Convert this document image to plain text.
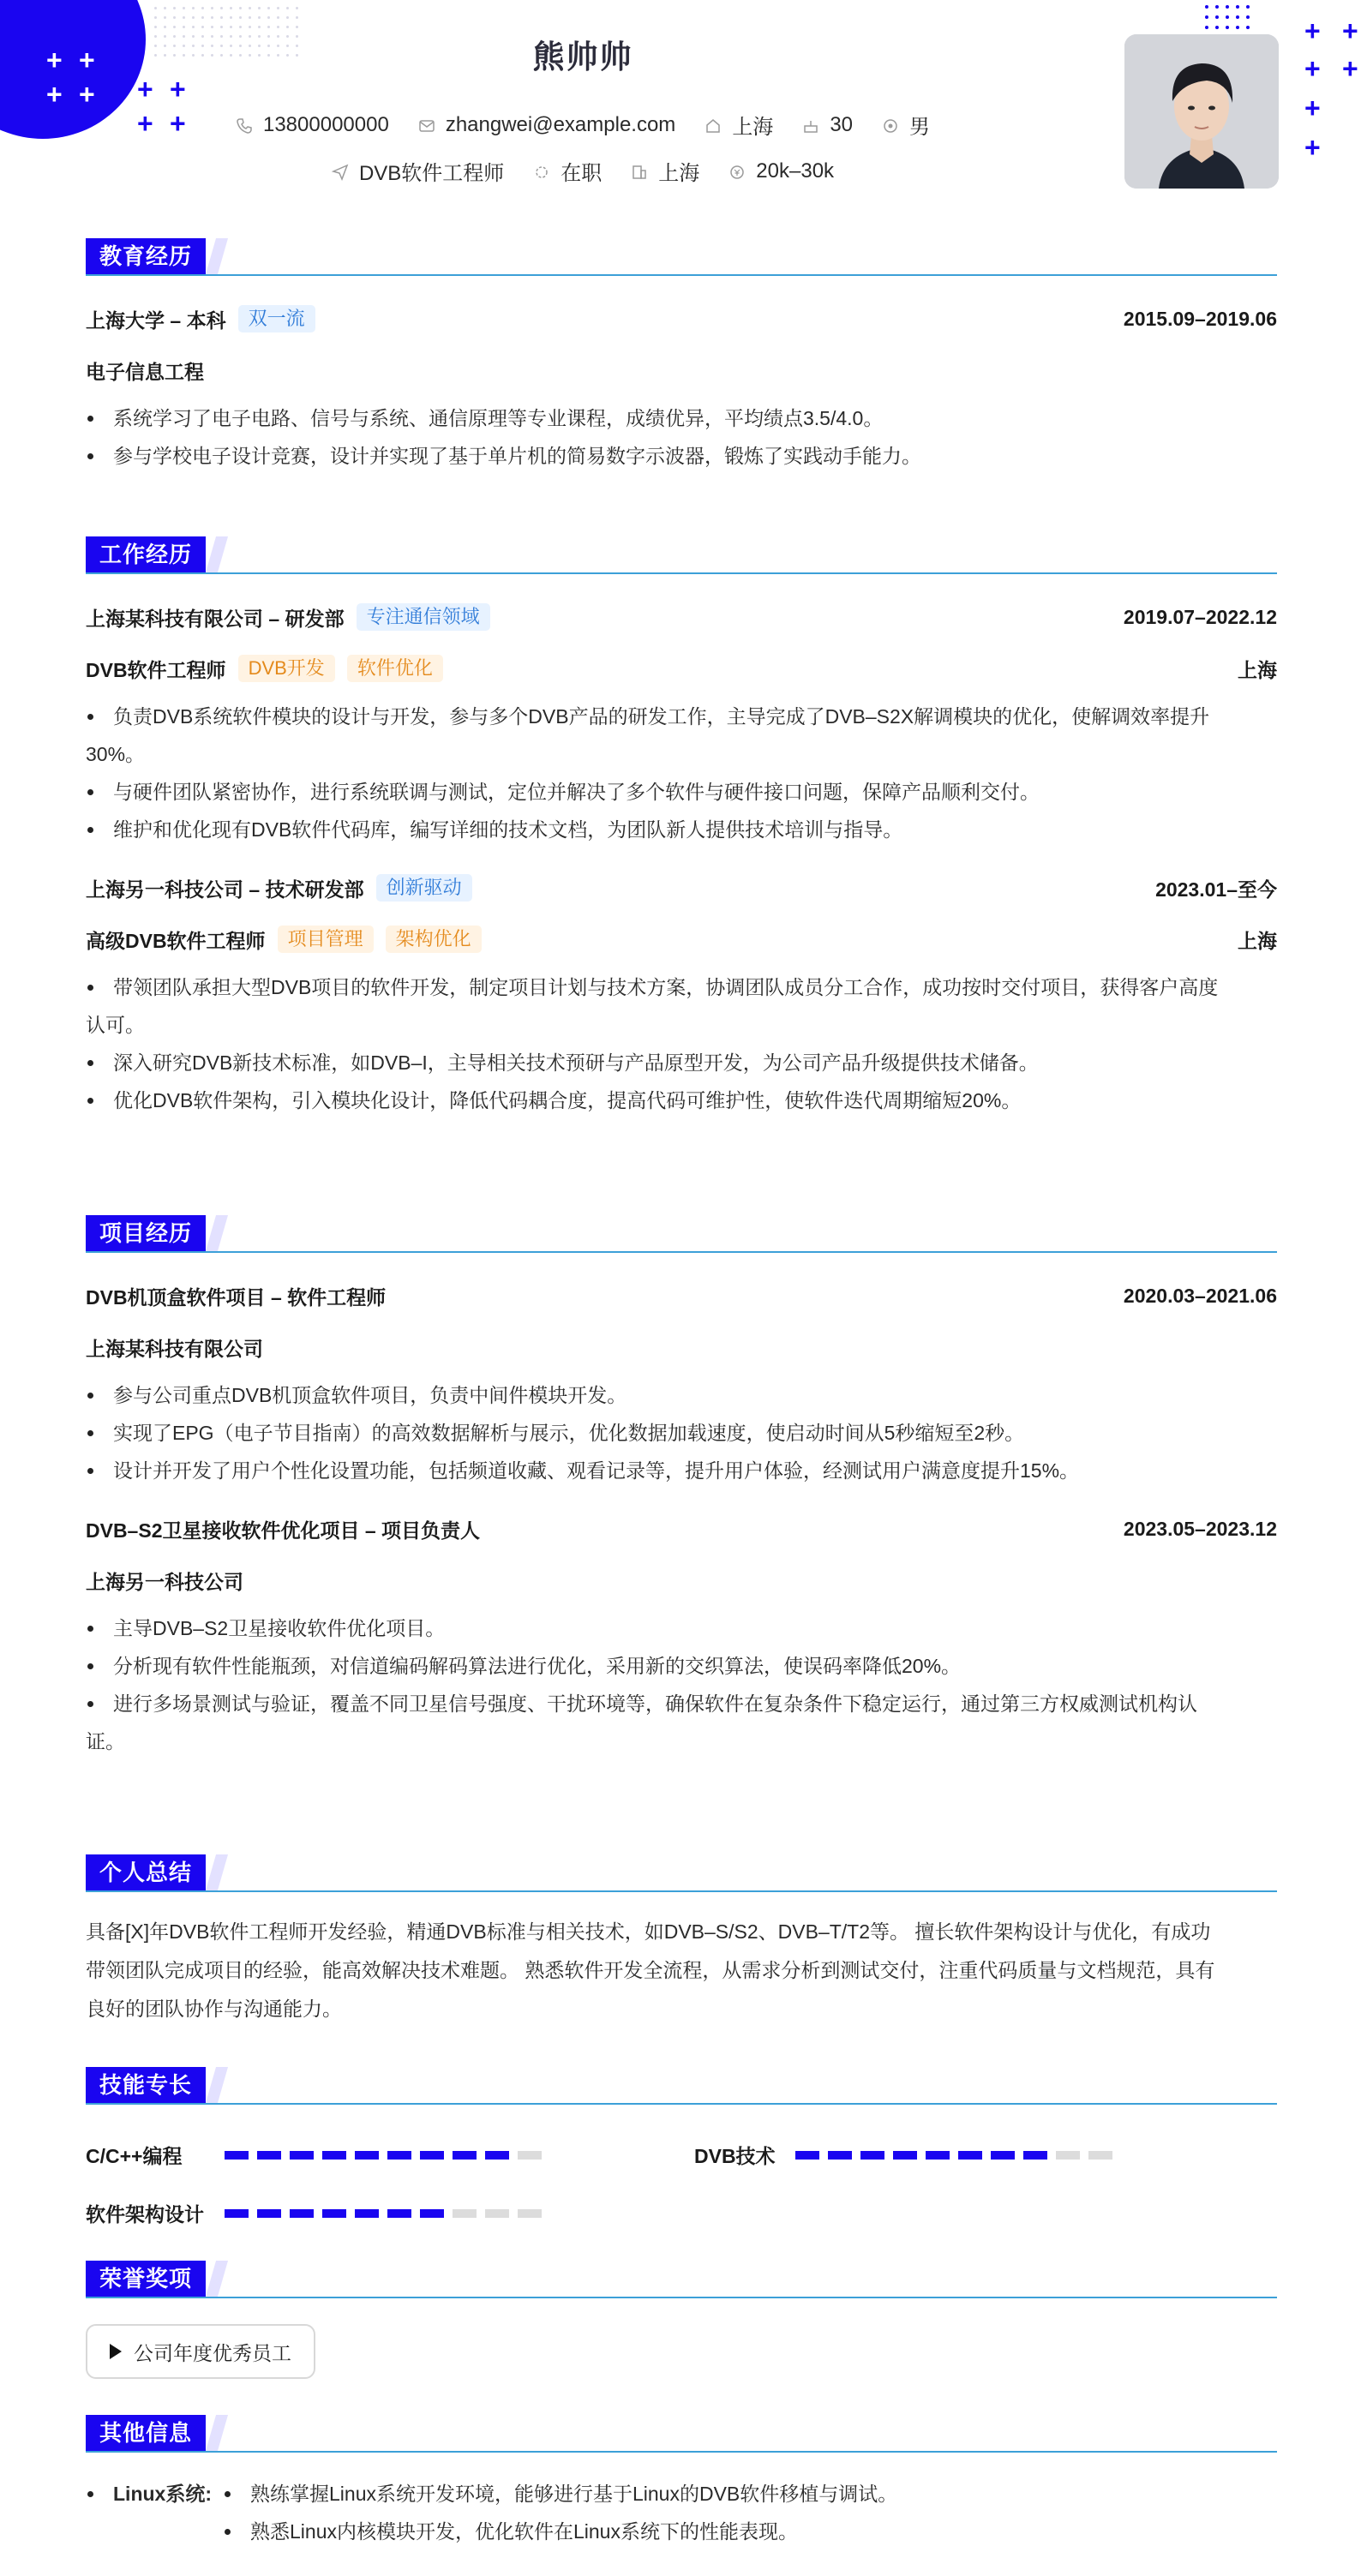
+ +
+ + + +
+ +
+ +
+ +
+
+
熊帅帅
13800000000	zhangwei@example.com	上海	30	男
DVB软件工程师	在职	上海	20k–30k
教育经历
上海大学 – 本科	双一流	2015.09–2019.06
电子信息工程
系统学习了电子电路、信号与系统、通信原理等专业课程，成绩优异，平均绩点3.5/4.0。
参与学校电子设计竞赛，设计并实现了基于单片机的简易数字示波器，锻炼了实践动手能力。
工作经历
上海某科技有限公司 – 研发部	专注通信领域	2019.07–2022.12
DVB软件工程师	DVB开发	软件优化	上海
负责DVB系统软件模块的设计与开发，参与多个DVB产品的研发工作，主导完成了DVB–S2X解调模块的优化，使解调效率提升
30%。
与硬件团队紧密协作，进行系统联调与测试，定位并解决了多个软件与硬件接口问题，保障产品顺利交付。
维护和优化现有DVB软件代码库，编写详细的技术文档，为团队新人提供技术培训与指导。
上海另一科技公司 – 技术研发部	创新驱动	2023.01–至今
高级DVB软件工程师	项目管理	架构优化	上海
带领团队承担大型DVB项目的软件开发，制定项目计划与技术方案，协调团队成员分工合作，成功按时交付项目，获得客户高度
认可。
深入研究DVB新技术标准，如DVB–I，主导相关技术预研与产品原型开发，为公司产品升级提供技术储备。
优化DVB软件架构，引入模块化设计，降低代码耦合度，提高代码可维护性，使软件迭代周期缩短20%。
项目经历
DVB机顶盒软件项目 – 软件工程师	2020.03–2021.06
上海某科技有限公司
参与公司重点DVB机顶盒软件项目，负责中间件模块开发。
实现了EPG（电子节目指南）的高效数据解析与展示，优化数据加载速度，使启动时间从5秒缩短至2秒。
设计并开发了用户个性化设置功能，包括频道收藏、观看记录等，提升用户体验，经测试用户满意度提升15%。
DVB–S2卫星接收软件优化项目 – 项目负责人	2023.05–2023.12
上海另一科技公司
主导DVB–S2卫星接收软件优化项目。
分析现有软件性能瓶颈，对信道编码解码算法进行优化，采用新的交织算法，使误码率降低20%。
进行多场景测试与验证，覆盖不同卫星信号强度、干扰环境等，确保软件在复杂条件下稳定运行，通过第三方权威测试机构认
证。
个人总结
具备[X]年DVB软件工程师开发经验，精通DVB标准与相关技术，如DVB–S/S2、DVB–T/T2等。 擅长软件架构设计与优化，有成功
带领团队完成项目的经验，能高效解决技术难题。 熟悉软件开发全流程，从需求分析到测试交付，注重代码质量与文档规范，具有
良好的团队协作与沟通能力。
技能专长
C/C++编程	DVB技术
软件架构设计
荣誉奖项
公司年度优秀员工
其他信息
Linux系统:	熟练掌握Linux系统开发环境，能够进行基于Linux的DVB软件移植与调试。
熟悉Linux内核模块开发，优化软件在Linux系统下的性能表现。
